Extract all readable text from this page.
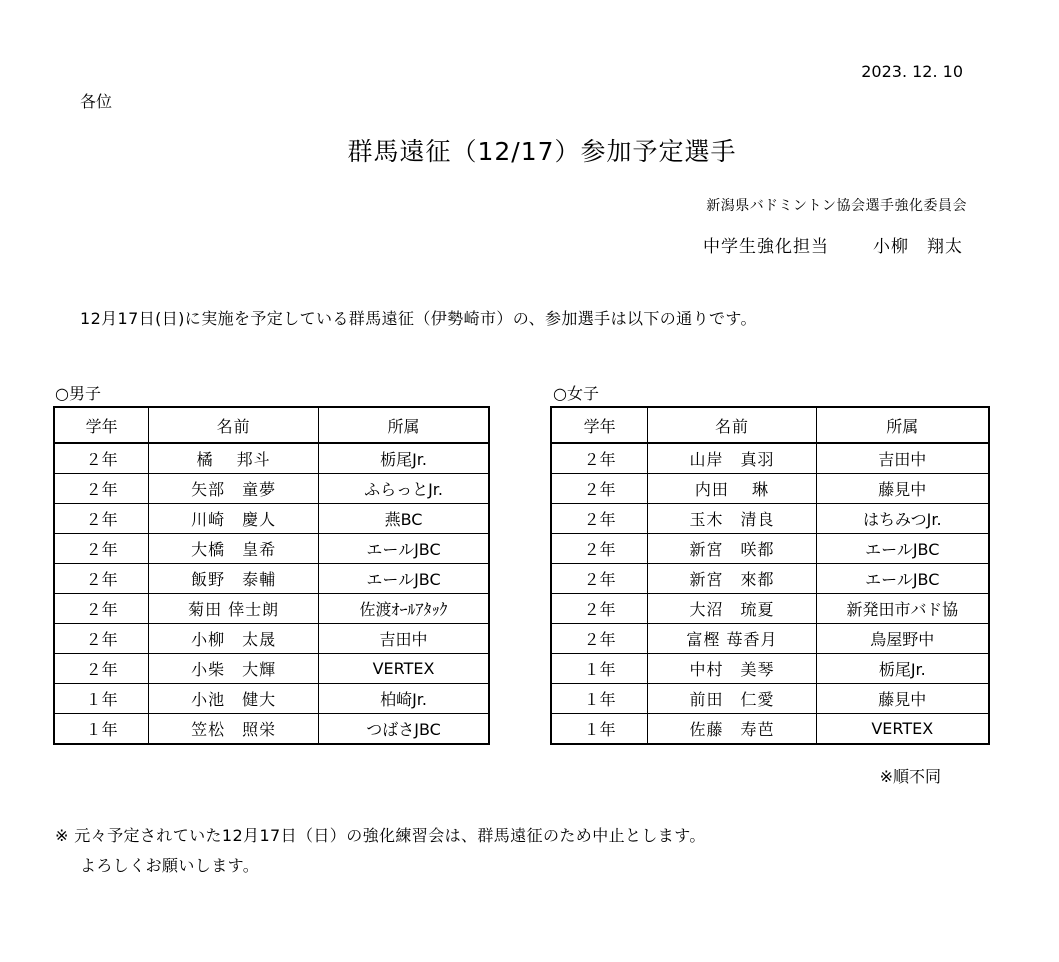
2023. 12. 10
各位
群馬遠征（12/17）参加予定選手
新潟県バドミントン協会選手強化委員会
中学生強化担当	小柳　翔太
12月17日(日)に実施を予定している群馬遠征（伊勢崎市）の、参加選手は以下の通りです。
○男子	○女子
学年	名前	所属
２年	橘　 邦斗	栃尾Jr.
２年	矢部　童夢	ふらっとJr.
２年	川崎　慶人	燕BC
２年	大橋　皇希	エールJBC
２年	飯野　泰輔	エールJBC
２年	菊田 倖士朗	佐渡ｵｰﾙｱﾀｯｸ
２年	小柳　太晟	吉田中
２年	小柴　大輝	VERTEX
１年	小池　健大	柏崎Jr.
１年	笠松　照栄	つばさJBC
学年	名前	所属
２年	山岸　真羽	吉田中
２年	内田　 琳	藤見中
２年	玉木　清良	はちみつJr.
２年	新宮　咲都	エールJBC
２年	新宮　來都	エールJBC
２年	大沼　琉夏	新発田市バド協
２年	富樫 苺香月	鳥屋野中
１年	中村　美琴	栃尾Jr.
１年	前田　仁愛	藤見中
１年	佐藤　寿芭	VERTEX
※順不同
※ 元々予定されていた12月17日（日）の強化練習会は、群馬遠征のため中止とします。
よろしくお願いします。
